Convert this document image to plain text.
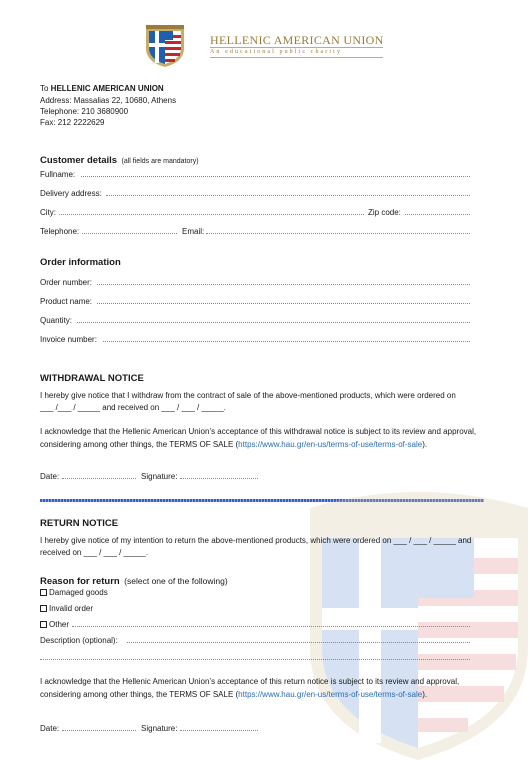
HELLENIC AMERICAN UNION
An educational public charity
To HELLENIC AMERICAN UNION
Address: Massalias 22, 10680, Athens
Telephone: 210 3680900
Fax: 212 2222629
Customer details (all fields are mandatory)
Fullname:
Delivery address:
City:	Zip code:
Telephone:	Email:
Order information
Order number:
Product name:
Quantity:
Invoice number:
WITHDRAWAL NOTICE
I hereby give notice that I withdraw from the contract of sale of the above-mentioned products, which were ordered on
___ /___ / _____ and received on ___ / ___ / _____.
I acknowledge that the Hellenic American Union’s acceptance of this withdrawal notice is subject to its review and approval,
considering among other things, the TERMS OF SALE (https://www.hau.gr/en-us/terms-of-use/terms-of-sale).
Date:	Signature:
RETURN NOTICE
I hereby give notice of my intention to return the above-mentioned products, which were ordered on ___ / ___ / _____ and
received on ___ / ___ / _____.
Reason for return (select one of the following)
Damaged goods
Invalid order
Other
Description (optional):
I acknowledge that the Hellenic American Union’s acceptance of this return notice is subject to its review and approval,
considering among other things, the TERMS OF SALE (https://www.hau.gr/en-us/terms-of-use/terms-of-sale).
Date:	Signature:
